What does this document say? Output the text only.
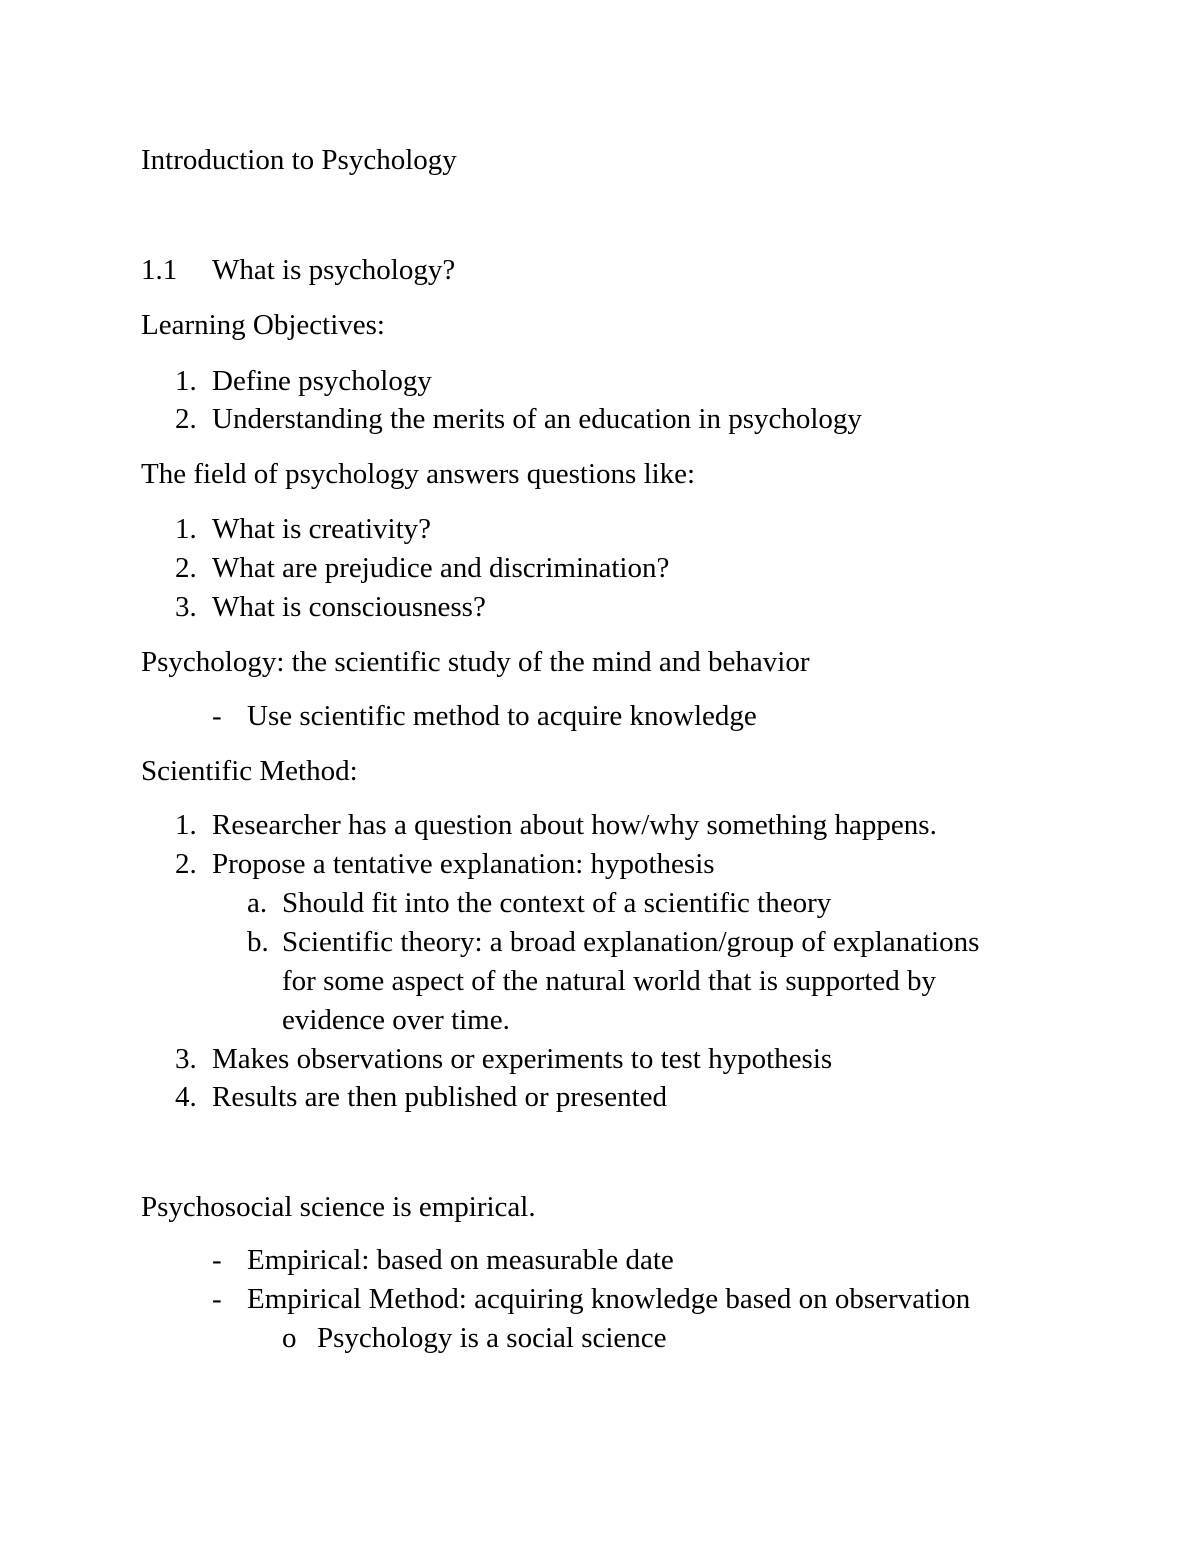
Introduction to Psychology
1.1 What is psychology?
Learning Objectives:
1. Define psychology
2. Understanding the merits of an education in psychology
The field of psychology answers questions like:
1. What is creativity?
2. What are prejudice and discrimination?
3. What is consciousness?
Psychology: the scientific study of the mind and behavior
- Use scientific method to acquire knowledge
Scientific Method:
1. Researcher has a question about how/why something happens.
2. Propose a tentative explanation: hypothesis
a. Should fit into the context of a scientific theory
b. Scientific theory: a broad explanation/group of explanations
for some aspect of the natural world that is supported by
evidence over time.
3. Makes observations or experiments to test hypothesis
4. Results are then published or presented
Psychosocial science is empirical.
- Empirical: based on measurable date
- Empirical Method: acquiring knowledge based on observation
o Psychology is a social science
